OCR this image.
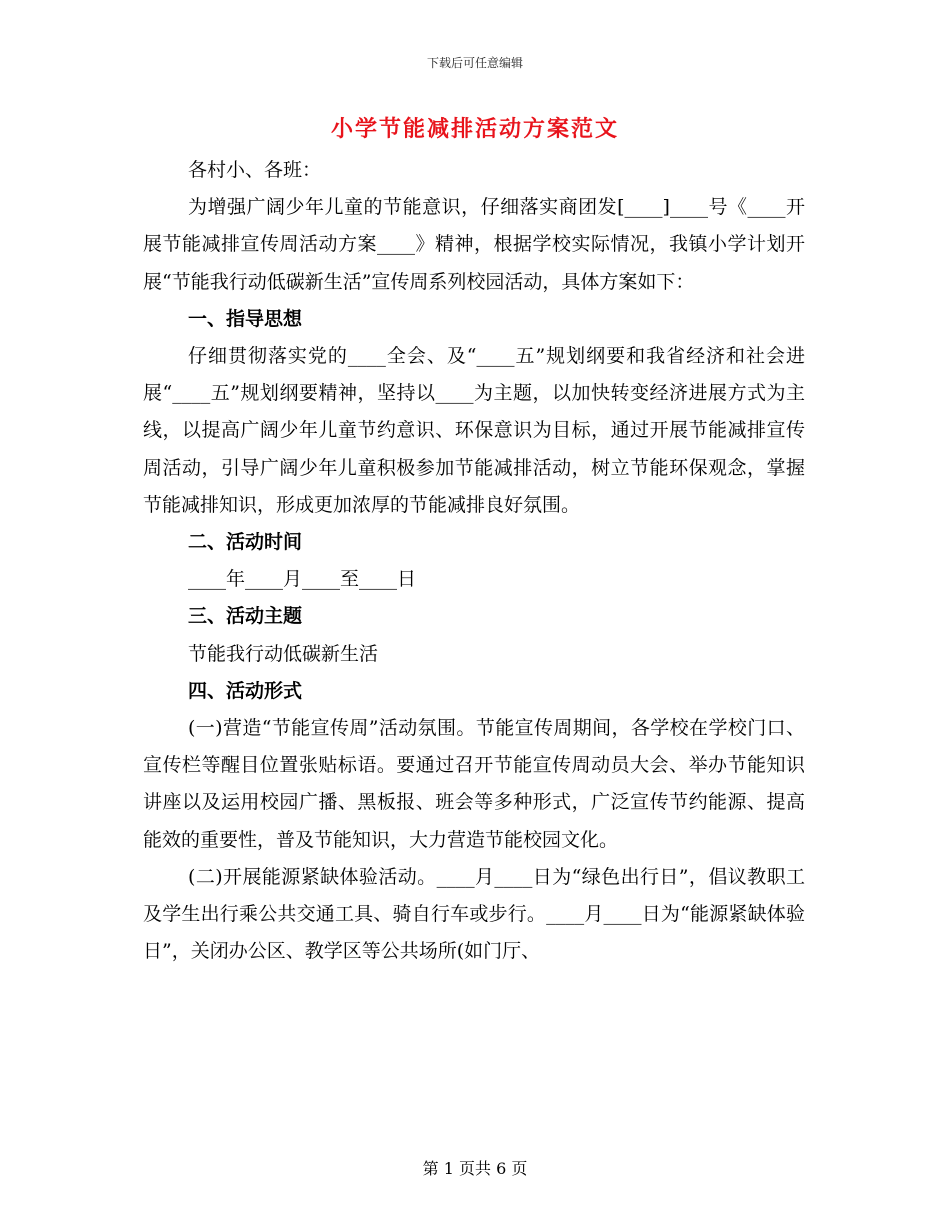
下载后可任意编辑
小学节能减排活动方案范文

各村小、各班：

为增强广阔少年儿童的节能意识，仔细落实商团发[____]____号《____开展节能减排宣传周活动方案____》精神，根据学校实际情况，我镇小学计划开展“节能我行动低碳新生活”宣传周系列校园活动，具体方案如下：

一、指导思想

仔细贯彻落实党的____全会、及“____五”规划纲要和我省经济和社会进展“____五”规划纲要精神，坚持以____为主题，以加快转变经济进展方式为主线，以提高广阔少年儿童节约意识、环保意识为目标，通过开展节能减排宣传周活动，引导广阔少年儿童积极参加节能减排活动，树立节能环保观念，掌握节能减排知识，形成更加浓厚的节能减排良好氛围。

二、活动时间

____年____月____至____日

三、活动主题

节能我行动低碳新生活

四、活动形式

(一)营造“节能宣传周”活动氛围。节能宣传周期间，各学校在学校门口、宣传栏等醒目位置张贴标语。要通过召开节能宣传周动员大会、举办节能知识讲座以及运用校园广播、黑板报、班会等多种形式，广泛宣传节约能源、提高能效的重要性，普及节能知识，大力营造节能校园文化。

(二)开展能源紧缺体验活动。____月____日为“绿色出行日”，倡议教职工及学生出行乘公共交通工具、骑自行车或步行。____月____日为“能源紧缺体验日”，关闭办公区、教学区等公共场所(如门厅、

第 1 页共 6 页
